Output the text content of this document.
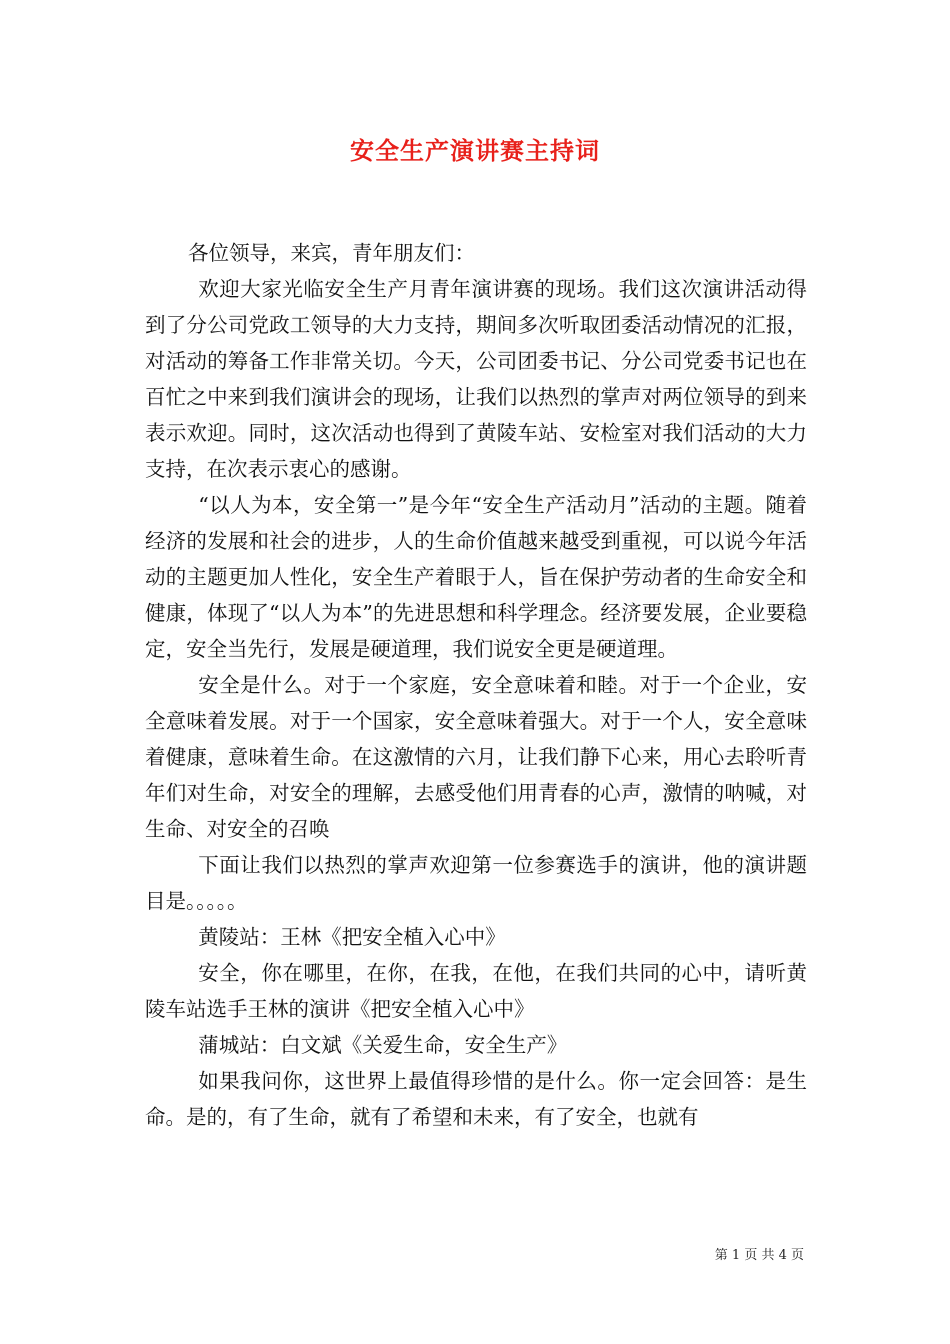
安全生产演讲赛主持词

各位领导，来宾，青年朋友们：

欢迎大家光临安全生产月青年演讲赛的现场。我们这次演讲活动得到了分公司党政工领导的大力支持，期间多次听取团委活动情况的汇报，对活动的筹备工作非常关切。今天，公司团委书记、分公司党委书记也在百忙之中来到我们演讲会的现场，让我们以热烈的掌声对两位领导的到来表示欢迎。同时，这次活动也得到了黄陵车站、安检室对我们活动的大力支持，在次表示衷心的感谢。

“以人为本，安全第一”是今年“安全生产活动月”活动的主题。随着经济的发展和社会的进步，人的生命价值越来越受到重视，可以说今年活动的主题更加人性化，安全生产着眼于人，旨在保护劳动者的生命安全和健康，体现了“以人为本”的先进思想和科学理念。经济要发展，企业要稳定，安全当先行，发展是硬道理，我们说安全更是硬道理。

安全是什么。对于一个家庭，安全意味着和睦。对于一个企业，安全意味着发展。对于一个国家，安全意味着强大。对于一个人，安全意味着健康，意味着生命。在这激情的六月，让我们静下心来，用心去聆听青年们对生命，对安全的理解，去感受他们用青春的心声，激情的呐喊，对生命、对安全的召唤

下面让我们以热烈的掌声欢迎第一位参赛选手的演讲，他的演讲题目是。。。。。

黄陵站：王林《把安全植入心中》

安全，你在哪里，在你，在我，在他，在我们共同的心中，请听黄陵车站选手王林的演讲《把安全植入心中》

蒲城站：白文斌《关爱生命，安全生产》

如果我问你，这世界上最值得珍惜的是什么。你一定会回答：是生命。是的，有了生命，就有了希望和未来，有了安全，也就有

第 1 页 共 4 页
